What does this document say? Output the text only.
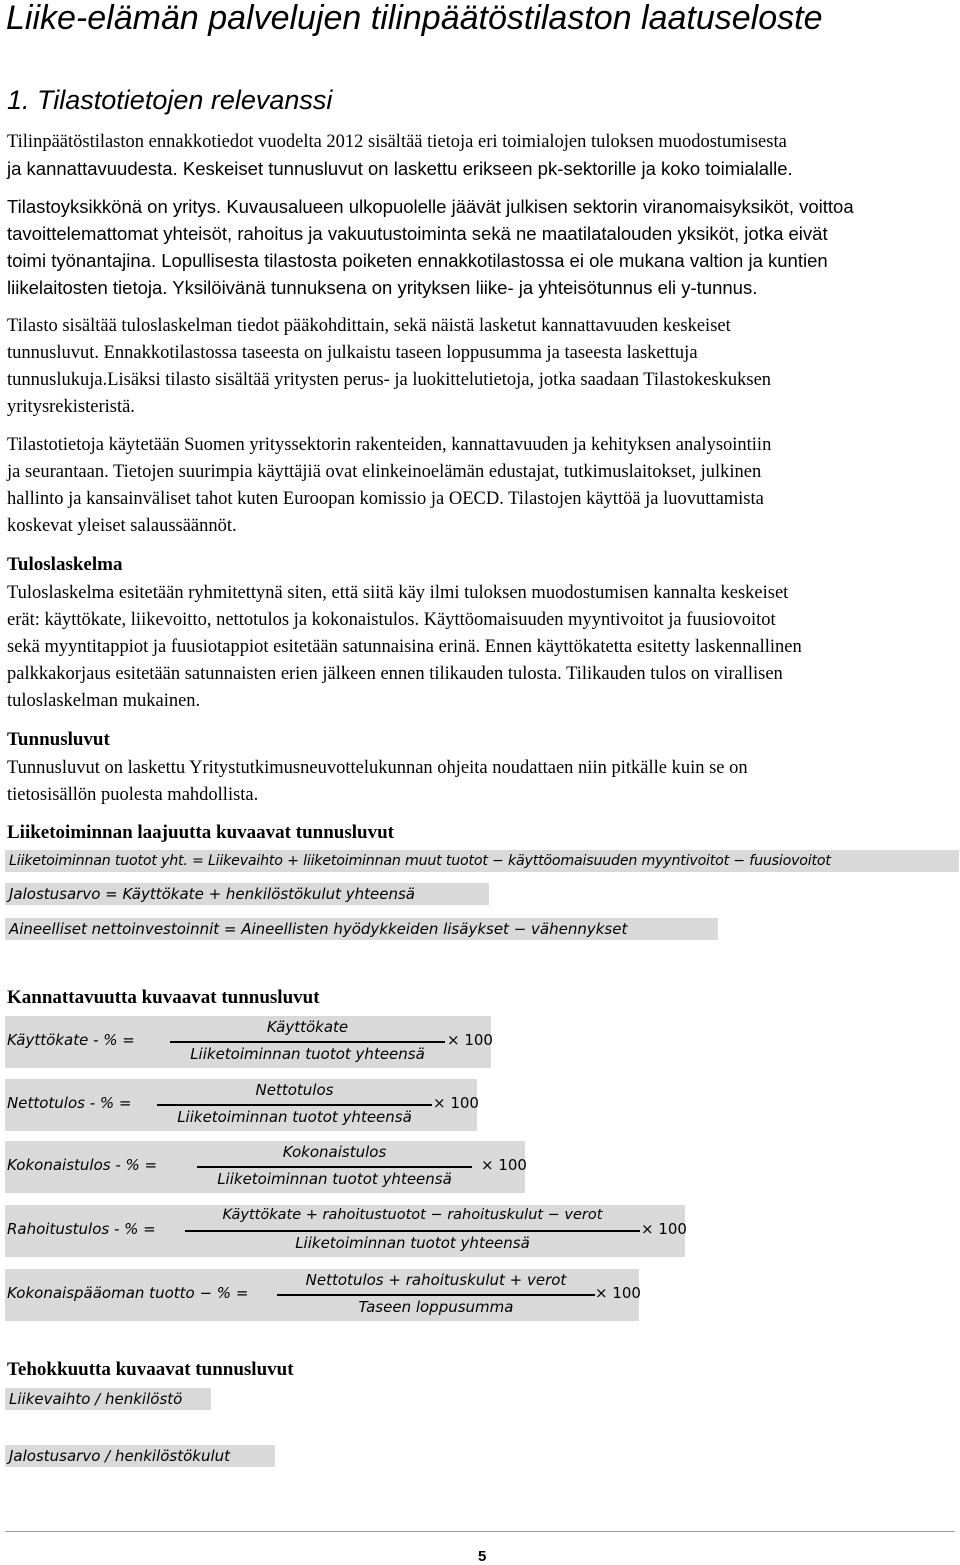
Liike-elämän palvelujen tilinpäätöstilaston laatuseloste
1. Tilastotietojen relevanssi
Tilinpäätöstilaston ennakkotiedot vuodelta 2012 sisältää tietoja eri toimialojen tuloksen muodostumisesta
ja kannattavuudesta. Keskeiset tunnusluvut on laskettu erikseen pk-sektorille ja koko toimialalle.
Tilastoyksikkönä on yritys. Kuvausalueen ulkopuolelle jäävät julkisen sektorin viranomaisyksiköt, voittoa
tavoittelemattomat yhteisöt, rahoitus ja vakuutustoiminta sekä ne maatilatalouden yksiköt, jotka eivät
toimi työnantajina. Lopullisesta tilastosta poiketen ennakkotilastossa ei ole mukana valtion ja kuntien
liikelaitosten tietoja. Yksilöivänä tunnuksena on yrityksen liike- ja yhteisötunnus eli y-tunnus.
Tilasto sisältää tuloslaskelman tiedot pääkohdittain, sekä näistä lasketut kannattavuuden keskeiset
tunnusluvut. Ennakkotilastossa taseesta on julkaistu taseen loppusumma ja taseesta laskettuja
tunnuslukuja.Lisäksi tilasto sisältää yritysten perus- ja luokittelutietoja, jotka saadaan Tilastokeskuksen
yritysrekisteristä.
Tilastotietoja käytetään Suomen yrityssektorin rakenteiden, kannattavuuden ja kehityksen analysointiin
ja seurantaan. Tietojen suurimpia käyttäjiä ovat elinkeinoelämän edustajat, tutkimuslaitokset, julkinen
hallinto ja kansainväliset tahot kuten Euroopan komissio ja OECD. Tilastojen käyttöä ja luovuttamista
koskevat yleiset salaussäännöt.
Tuloslaskelma
Tuloslaskelma esitetään ryhmitettynä siten, että siitä käy ilmi tuloksen muodostumisen kannalta keskeiset
erät: käyttökate, liikevoitto, nettotulos ja kokonaistulos. Käyttöomaisuuden myyntivoitot ja fuusiovoitot
sekä myyntitappiot ja fuusiotappiot esitetään satunnaisina erinä. Ennen käyttökatetta esitetty laskennallinen
palkkakorjaus esitetään satunnaisten erien jälkeen ennen tilikauden tulosta. Tilikauden tulos on virallisen
tuloslaskelman mukainen.
Tunnusluvut
Tunnusluvut on laskettu Yritystutkimusneuvottelukunnan ohjeita noudattaen niin pitkälle kuin se on
tietosisällön puolesta mahdollista.
Liiketoiminnan laajuutta kuvaavat tunnusluvut
Liiketoiminnan tuotot yht. = Liikevaihto + liiketoiminnan muut tuotot − käyttöomaisuuden myyntivoitot − fuusiovoitot
Jalostusarvo = Käyttökate + henkilöstökulut yhteensä
Aineelliset nettoinvestoinnit = Aineellisten hyödykkeiden lisäykset − vähennykset
Kannattavuutta kuvaavat tunnusluvut
Käyttökate - % =
Käyttökate
Liiketoiminnan tuotot yhteensä
× 100
Nettotulos - % =
Nettotulos
Liiketoiminnan tuotot yhteensä
× 100
Kokonaistulos - % =
Kokonaistulos
Liiketoiminnan tuotot yhteensä
× 100
Rahoitustulos - % =
Käyttökate + rahoitustuotot − rahoituskulut − verot
Liiketoiminnan tuotot yhteensä
× 100
Kokonaispääoman tuotto − % =
Nettotulos + rahoituskulut + verot
Taseen loppusumma
× 100
Tehokkuutta kuvaavat tunnusluvut
Liikevaihto / henkilöstö
Jalostusarvo / henkilöstökulut
5
